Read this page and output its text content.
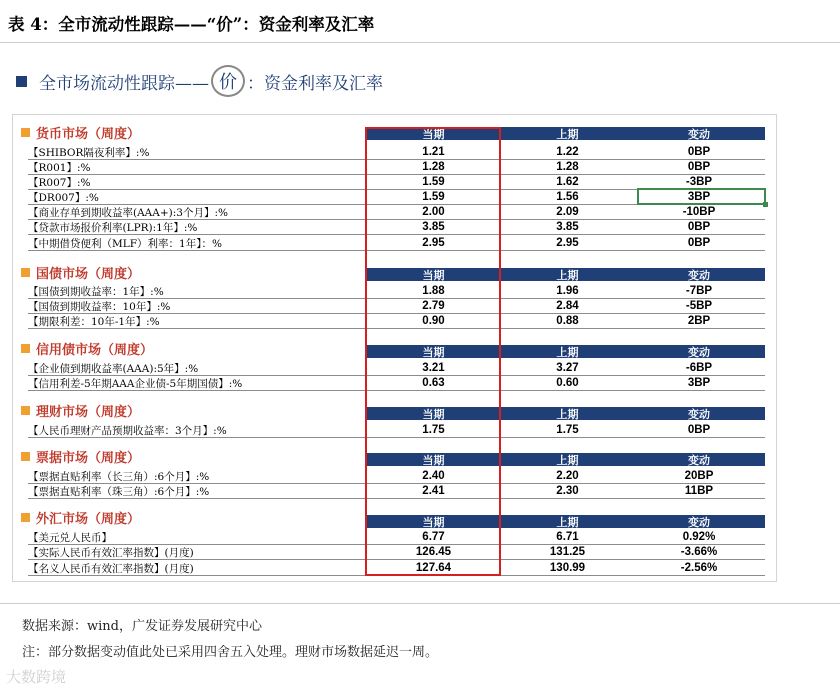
表 4：全市流动性跟踪——“价”：资金利率及汇率
全市场流动性跟踪—— 价 ：资金利率及汇率
货币市场（周度）	当期	上期	变动
【SHIBOR隔夜利率】:%	1.21	1.22	0BP
【R001】:%	1.28	1.28	0BP
【R007】:%	1.59	1.62	-3BP
【DR007】:%	1.59	1.56	3BP
【商业存单到期收益率(AAA+):3个月】:%	2.00	2.09	-10BP
【贷款市场报价利率(LPR):1年】:%	3.85	3.85	0BP
【中期借贷便利（MLF）利率：1年】：%	2.95	2.95	0BP
国债市场（周度）	当期	上期	变动
【国债到期收益率：1年】:%	1.88	1.96	-7BP
【国债到期收益率：10年】:%	2.79	2.84	-5BP
【期限利差：10年-1年】:%	0.90	0.88	2BP
信用债市场（周度）	当期	上期	变动
【企业债到期收益率(AAA):5年】:%	3.21	3.27	-6BP
【信用利差-5年期AAA企业债-5年期国债】:%	0.63	0.60	3BP
理财市场（周度）	当期	上期	变动
【人民币理财产品预期收益率：3个月】:%	1.75	1.75	0BP
票据市场（周度）	当期	上期	变动
【票据直贴利率（长三角）:6个月】:%	2.40	2.20	20BP
【票据直贴利率（珠三角）:6个月】:%	2.41	2.30	11BP
外汇市场（周度）	当期	上期	变动
【美元兑人民币】	6.77	6.71	0.92%
【实际人民币有效汇率指数】(月度)	126.45	131.25	-3.66%
【名义人民币有效汇率指数】(月度)	127.64	130.99	-2.56%
数据来源：wind，广发证券发展研究中心
注：部分数据变动值此处已采用四舍五入处理。理财市场数据延迟一周。
大数跨境
